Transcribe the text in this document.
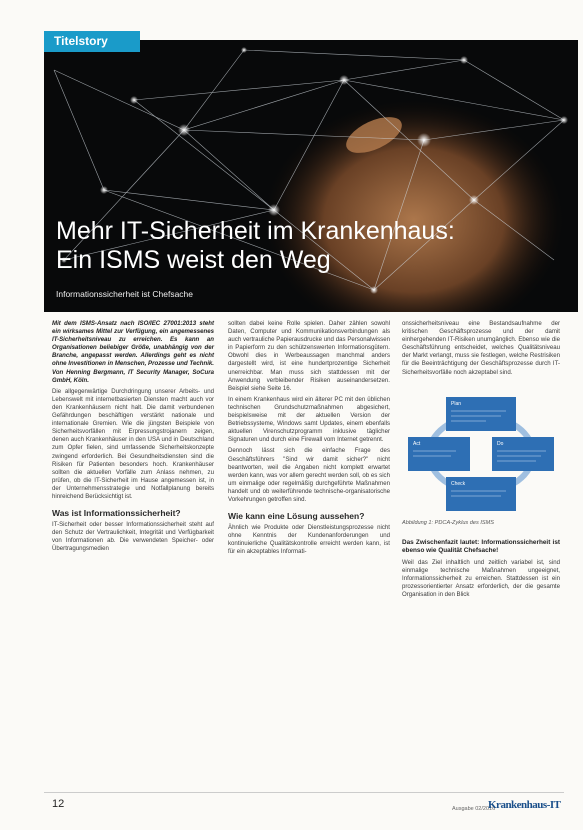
Titelstory
Mehr IT-Sicherheit im Krankenhaus:
Ein ISMS weist den Weg
Informationssicherheit ist Chefsache

Mit dem ISMS-Ansatz nach ISO/IEC 27001:2013 steht ein wirksames Mittel zur Verfügung, ein angemessenes IT-Sicherheitsniveau zu erreichen. Es kann an Organisationen beliebiger Größe, unabhängig von der Branche, angepasst werden. Allerdings geht es nicht ohne Investitionen in Menschen, Prozesse und Technik. Von Henning Bergmann, IT Security Manager, SoCura GmbH, Köln.

Die allgegenwärtige Durchdringung unserer Arbeits- und Lebenswelt mit internetbasierten Diensten macht auch vor den Krankenhäusern nicht halt. Die damit verbundenen Gefährdungen beschäftigen verstärkt nationale und internationale Gremien. Wie die jüngsten Beispiele von Sicherheitsvorfällen mit Erpressungstrojanern zeigen, denen auch Krankenhäuser in den USA und in Deutschland zum Opfer fielen, sind umfassende Sicherheitskonzepte zwingend erforderlich. Bei Gesundheitsdiensten sind die Risiken für Patienten besonders hoch. Krankenhäuser sollten die aktuellen Vorfälle zum Anlass nehmen, zu prüfen, ob die IT-Sicherheit im Hause angemessen ist, in der Unternehmensstrategie und Notfallplanung bereits hinreichend Berücksichtigt ist.

Was ist Informationssicherheit?

IT-Sicherheit oder besser Informationssicherheit steht auf den Schutz der Vertraulichkeit, Integrität und Verfügbarkeit von Informationen ab. Die verwendeten Speicher- oder Übertragungsmedien

sollten dabei keine Rolle spielen. Daher zählen sowohl Daten, Computer und Kommunikationsverbindungen als auch vertrauliche Papierausdrucke und das Personalwissen in Papierform zu den schützenswerten Informationsgütern. Obwohl dies in Werbeaussagen manchmal anders dargestellt wird, ist eine hundertprozentige Sicherheit unerreichbar. Man muss sich stattdessen mit der Anwendung verbleibender Risiken auseinandersetzen. Beispiel siehe Seite 16.

In einem Krankenhaus wird ein älterer PC mit den üblichen technischen Grundschutzmaßnahmen abgesichert, beispielsweise mit der aktuellen Version der Betriebssysteme, Windows samt Updates, einem ebenfalls aktuellen Virenschutzprogramm inklusive täglicher Signaturen und durch eine Firewall vom Internet getrennt.

Dennoch lässt sich die einfache Frage des Geschäftsführers "Sind wir damit sicher?" nicht beantworten, weil die Angaben nicht komplett erwartet werden kann, was vor allem gerecht werden soll, ob es sich um einmalige oder regelmäßig durchgeführte Maßnahmen handelt und ob weiterführende technische-organisatorische Vorkehrungen getroffen sind.

Wie kann eine Lösung aussehen?

Ähnlich wie Produkte oder Dienstleistungsprozesse nicht ohne Kenntnis der Kundenanforderungen und kontinuierliche Qualitätskontrolle erreicht werden kann, ist für ein akzeptables Informati-

onssicherheitsniveau eine Bestandsaufnahme der kritischen Geschäftsprozesse und der damit einhergehenden IT-Risiken unumgänglich. Ebenso wie die Geschäftsführung entscheidet, welches Qualitätsniveau der Markt verlangt, muss sie festlegen, welche Restrisiken für die Beeinträchtigung der Geschäftsprozesse durch IT-Sicherheitsvorfälle noch akzeptabel sind.

Plan
Do
Check
Act
Abbildung 1: PDCA-Zyklus des ISMS

Das Zwischenfazit lautet: Informationssicherheit ist ebenso wie Qualität Chefsache!

Weil das Ziel inhaltlich und zeitlich variabel ist, sind einmalige technische Maßnahmen ungeeignet, Informationssicherheit zu erreichen. Stattdessen ist ein prozessorientierter Ansatz erforderlich, der die gesamte Organisation in den Blick

12	Ausgabe 02/2016
Krankenhaus-IT
